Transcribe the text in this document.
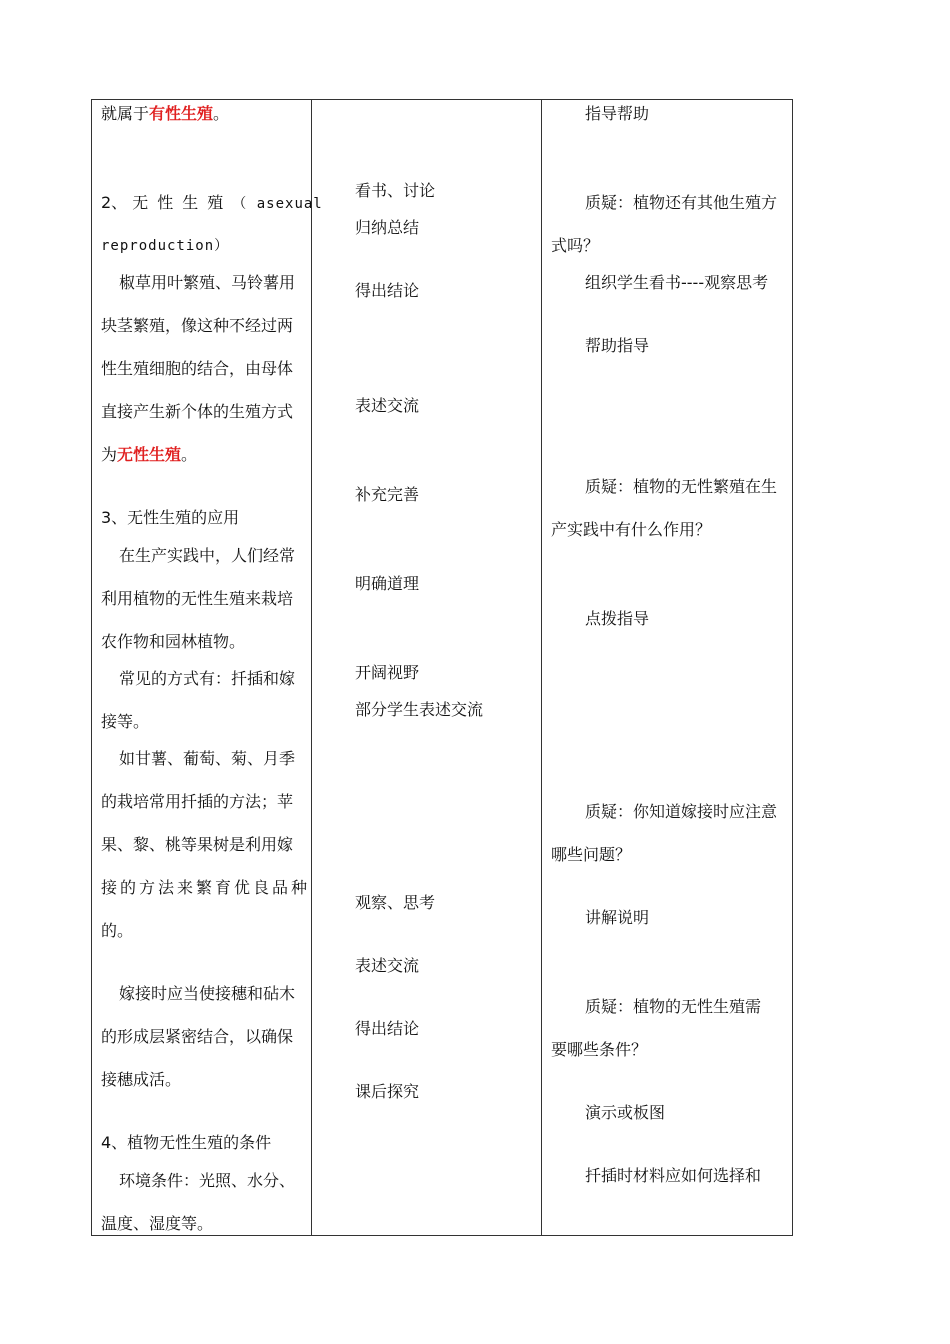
就属于有性生殖。
2、 无性生殖（ asexual
reproduction）
椒草用叶繁殖、马铃薯用
块茎繁殖，像这种不经过两
性生殖细胞的结合，由母体
直接产生新个体的生殖方式
为无性生殖。
3、无性生殖的应用
在生产实践中，人们经常
利用植物的无性生殖来栽培
农作物和园林植物。
常见的方式有：扦插和嫁
接等。
如甘薯、葡萄、菊、月季
的栽培常用扦插的方法；苹
果、黎、桃等果树是利用嫁
接的方法来繁育优良品种
的。
嫁接时应当使接穗和砧木
的形成层紧密结合，以确保
接穗成活。
4、植物无性生殖的条件
环境条件：光照、水分、
温度、湿度等。
看书、讨论
归纳总结
得出结论
表述交流
补充完善
明确道理
开阔视野
部分学生表述交流
观察、思考
表述交流
得出结论
课后探究
指导帮助
质疑：植物还有其他生殖方
式吗？
组织学生看书----观察思考
帮助指导
质疑：植物的无性繁殖在生
产实践中有什么作用？
点拨指导
质疑：你知道嫁接时应注意
哪些问题？
讲解说明
质疑：植物的无性生殖需
要哪些条件？
演示或板图
扦插时材料应如何选择和
